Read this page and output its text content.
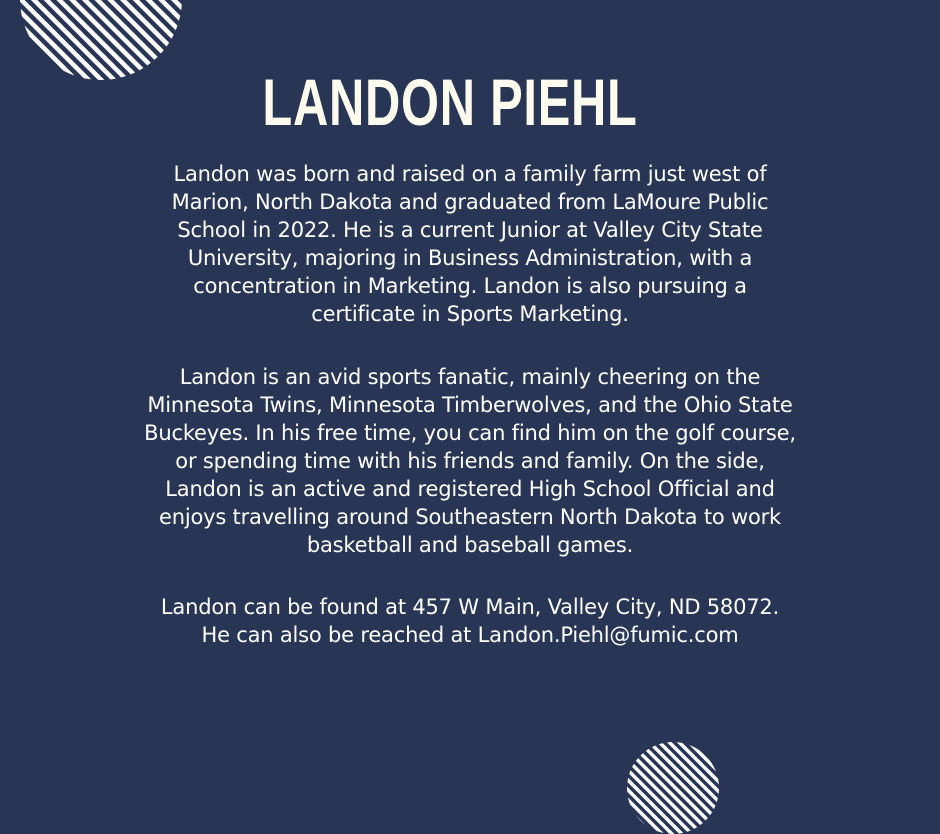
LANDON PIEHL

Landon was born and raised on a family farm just west of
Marion, North Dakota and graduated from LaMoure Public
School in 2022. He is a current Junior at Valley City State
University, majoring in Business Administration, with a
concentration in Marketing. Landon is also pursuing a
certificate in Sports Marketing.

Landon is an avid sports fanatic, mainly cheering on the
Minnesota Twins, Minnesota Timberwolves, and the Ohio State
Buckeyes. In his free time, you can find him on the golf course,
or spending time with his friends and family. On the side,
Landon is an active and registered High School Official and
enjoys travelling around Southeastern North Dakota to work
basketball and baseball games.

Landon can be found at 457 W Main, Valley City, ND 58072.
He can also be reached at Landon.Piehl@fumic.com
